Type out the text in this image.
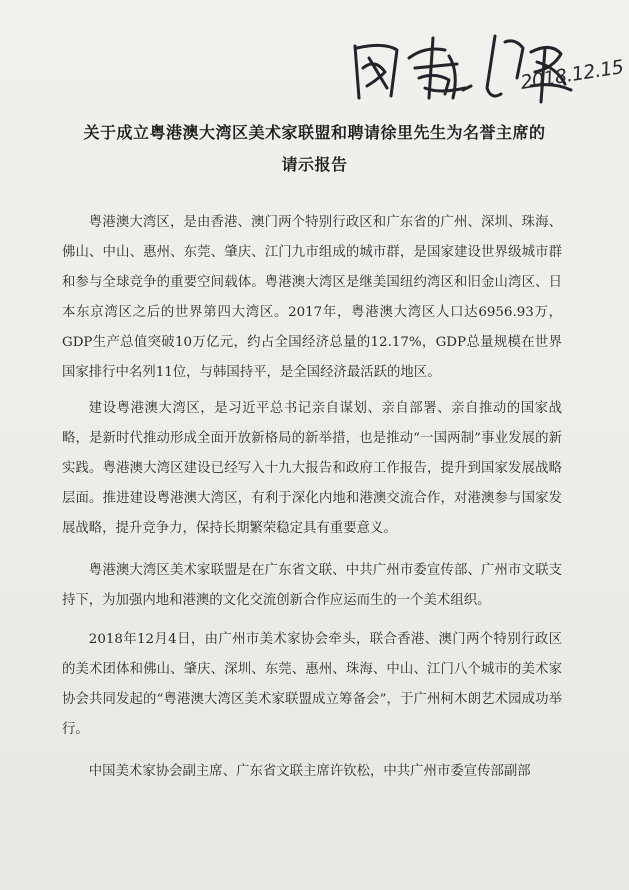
2018.12.15

关于成立粤港澳大湾区美术家联盟和聘请徐里先生为名誉主席的
请示报告

粤港澳大湾区，是由香港、澳门两个特别行政区和广东省的广州、深圳、珠海、佛山、中山、惠州、东莞、肇庆、江门九市组成的城市群，是国家建设世界级城市群和参与全球竞争的重要空间载体。粤港澳大湾区是继美国纽约湾区和旧金山湾区、日本东京湾区之后的世界第四大湾区。2017年，粤港澳大湾区人口达6956.93万，GDP生产总值突破10万亿元，约占全国经济总量的12.17%，GDP总量规模在世界国家排行中名列11位，与韩国持平，是全国经济最活跃的地区。

建设粤港澳大湾区，是习近平总书记亲自谋划、亲自部署、亲自推动的国家战略，是新时代推动形成全面开放新格局的新举措，也是推动“一国两制”事业发展的新实践。粤港澳大湾区建设已经写入十九大报告和政府工作报告，提升到国家发展战略层面。推进建设粤港澳大湾区，有利于深化内地和港澳交流合作，对港澳参与国家发展战略，提升竞争力，保持长期繁荣稳定具有重要意义。

粤港澳大湾区美术家联盟是在广东省文联、中共广州市委宣传部、广州市文联支持下，为加强内地和港澳的文化交流创新合作应运而生的一个美术组织。

2018年12月4日，由广州市美术家协会牵头，联合香港、澳门两个特别行政区的美术团体和佛山、肇庆、深圳、东莞、惠州、珠海、中山、江门八个城市的美术家协会共同发起的“粤港澳大湾区美术家联盟成立筹备会”，于广州柯木朗艺术园成功举行。

中国美术家协会副主席、广东省文联主席许钦松，中共广州市委宣传部副部
